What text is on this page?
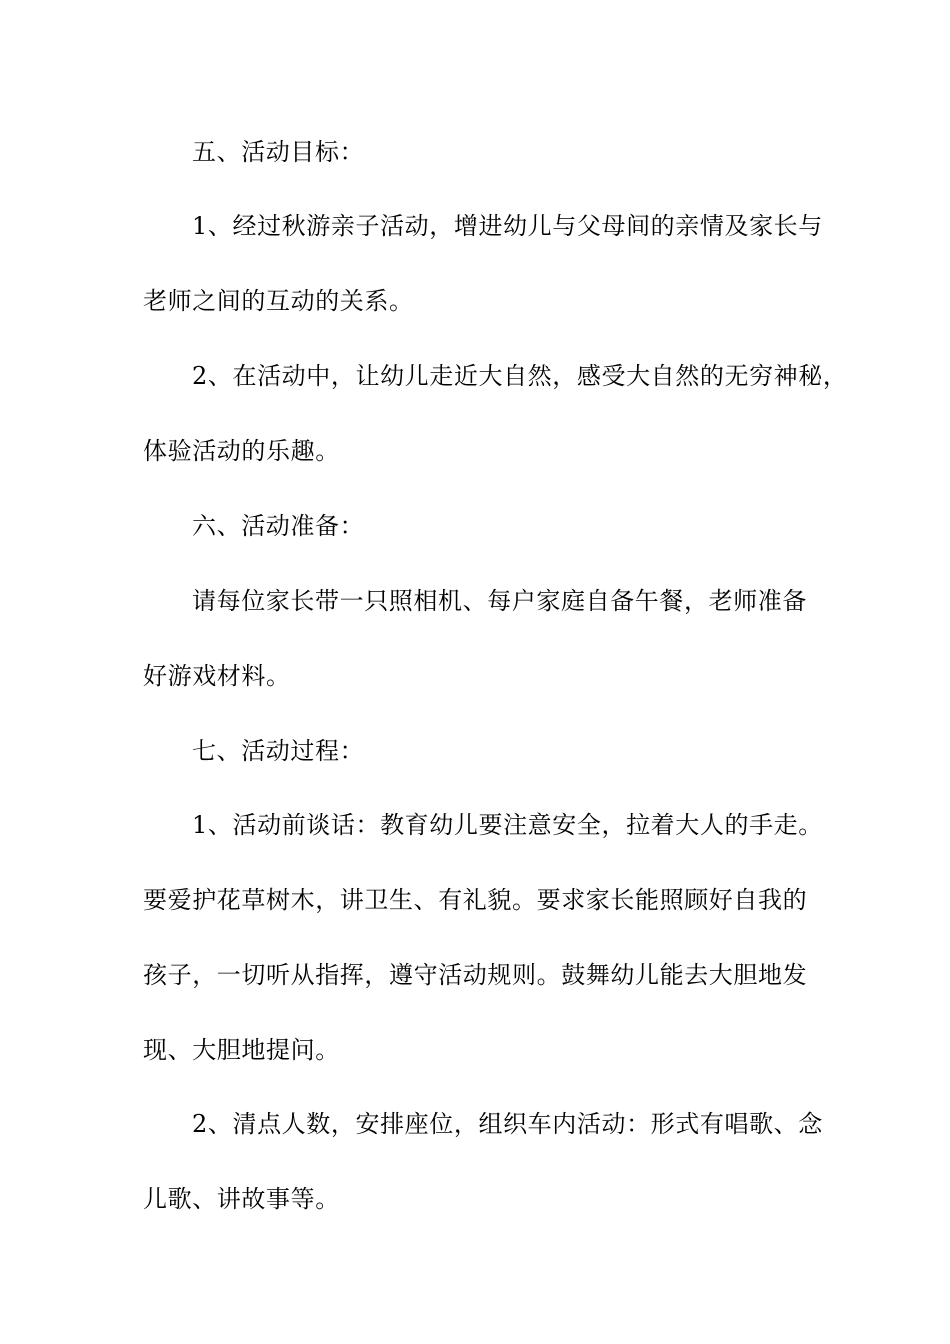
五、活动目标：
1、经过秋游亲子活动，增进幼儿与父母间的亲情及家长与
老师之间的互动的关系。
2、在活动中，让幼儿走近大自然，感受大自然的无穷神秘，
体验活动的乐趣。
六、活动准备：
请每位家长带一只照相机、每户家庭自备午餐，老师准备
好游戏材料。
七、活动过程：
1、活动前谈话：教育幼儿要注意安全，拉着大人的手走。
要爱护花草树木，讲卫生、有礼貌。要求家长能照顾好自我的
孩子，一切听从指挥，遵守活动规则。鼓舞幼儿能去大胆地发
现、大胆地提问。
2、清点人数，安排座位，组织车内活动：形式有唱歌、念
儿歌、讲故事等。
